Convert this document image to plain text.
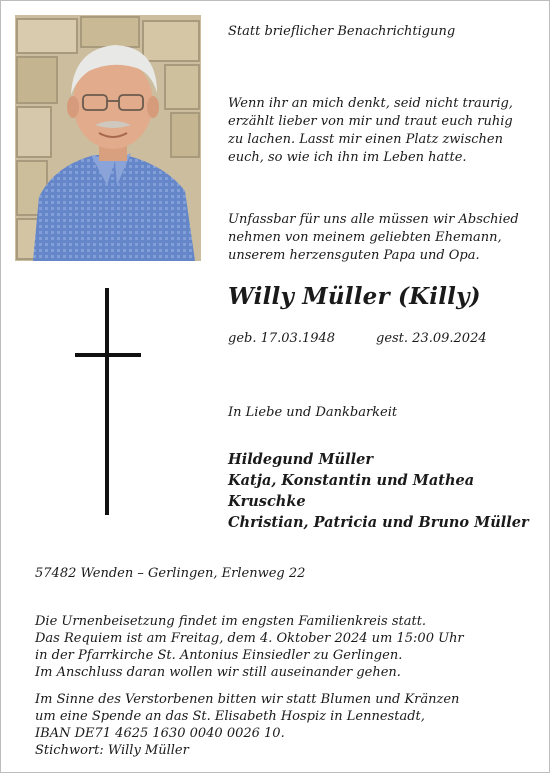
Statt brieflicher Benachrichtigung
Wenn ihr an mich denkt, seid nicht traurig,
erzählt lieber von mir und traut euch ruhig
zu lachen. Lasst mir einen Platz zwischen
euch, so wie ich ihn im Leben hatte.
Unfassbar für uns alle müssen wir Abschied
nehmen von meinem geliebten Ehemann,
unserem herzensguten Papa und Opa.
Willy Müller (Killy)
geb. 17.03.1948	gest. 23.09.2024
In Liebe und Dankbarkeit
Hildegund Müller
Katja, Konstantin und Mathea Kruschke
Christian, Patricia und Bruno Müller
57482 Wenden – Gerlingen, Erlenweg 22
Die Urnenbeisetzung findet im engsten Familienkreis statt.
Das Requiem ist am Freitag, dem 4. Oktober 2024 um 15:00 Uhr
in der Pfarrkirche St. Antonius Einsiedler zu Gerlingen.
Im Anschluss daran wollen wir still auseinander gehen.
Im Sinne des Verstorbenen bitten wir statt Blumen und Kränzen
um eine Spende an das St. Elisabeth Hospiz in Lennestadt,
IBAN DE71 4625 1630 0040 0026 10.
Stichwort: Willy Müller
